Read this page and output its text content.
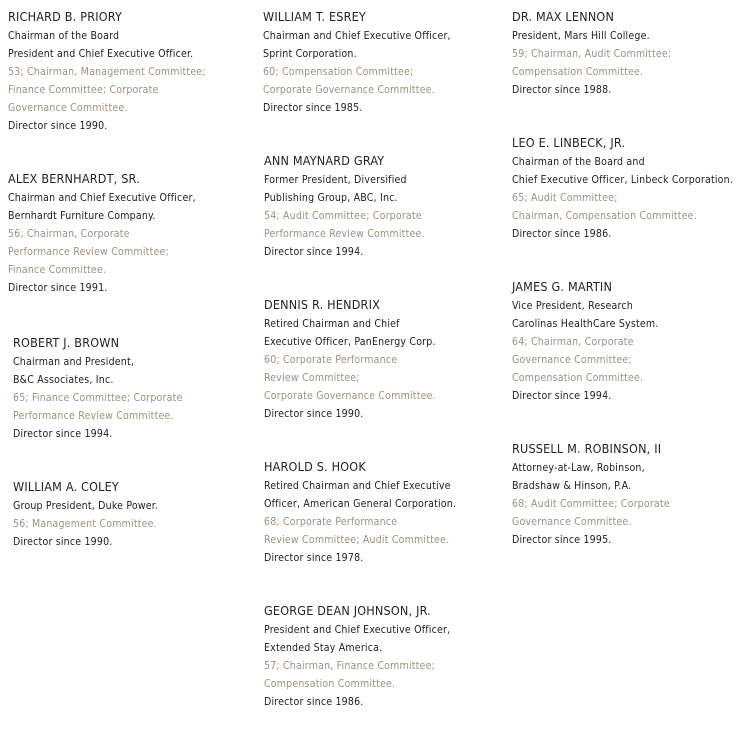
RICHARD B. PRIORY
Chairman of the Board
President and Chief Executive Officer.
53; Chairman, Management Committee;
Finance Committee; Corporate
Governance Committee.
Director since 1990.
ALEX BERNHARDT, SR.
Chairman and Chief Executive Officer,
Bernhardt Furniture Company.
56; Chairman, Corporate
Performance Review Committee;
Finance Committee.
Director since 1991.
ROBERT J. BROWN
Chairman and President,
B&C Associates, Inc.
65; Finance Committee; Corporate
Performance Review Committee.
Director since 1994.
WILLIAM A. COLEY
Group President, Duke Power.
56; Management Committee.
Director since 1990.
WILLIAM T. ESREY
Chairman and Chief Executive Officer,
Sprint Corporation.
60; Compensation Committee;
Corporate Governance Committee.
Director since 1985.
ANN MAYNARD GRAY
Former President, Diversified
Publishing Group, ABC, Inc.
54; Audit Committee; Corporate
Performance Review Committee.
Director since 1994.
DENNIS R. HENDRIX
Retired Chairman and Chief
Executive Officer, PanEnergy Corp.
60; Corporate Performance
Review Committee;
Corporate Governance Committee.
Director since 1990.
HAROLD S. HOOK
Retired Chairman and Chief Executive
Officer, American General Corporation.
68; Corporate Performance
Review Committee; Audit Committee.
Director since 1978.
GEORGE DEAN JOHNSON, JR.
President and Chief Executive Officer,
Extended Stay America.
57; Chairman, Finance Committee;
Compensation Committee.
Director since 1986.
DR. MAX LENNON
President, Mars Hill College.
59; Chairman, Audit Committee;
Compensation Committee.
Director since 1988.
LEO E. LINBECK, JR.
Chairman of the Board and
Chief Executive Officer, Linbeck Corporation.
65; Audit Committee;
Chairman, Compensation Committee.
Director since 1986.
JAMES G. MARTIN
Vice President, Research
Carolinas HealthCare System.
64; Chairman, Corporate
Governance Committee;
Compensation Committee.
Director since 1994.
RUSSELL M. ROBINSON, II
Attorney-at-Law, Robinson,
Bradshaw & Hinson, P.A.
68; Audit Committee; Corporate
Governance Committee.
Director since 1995.
